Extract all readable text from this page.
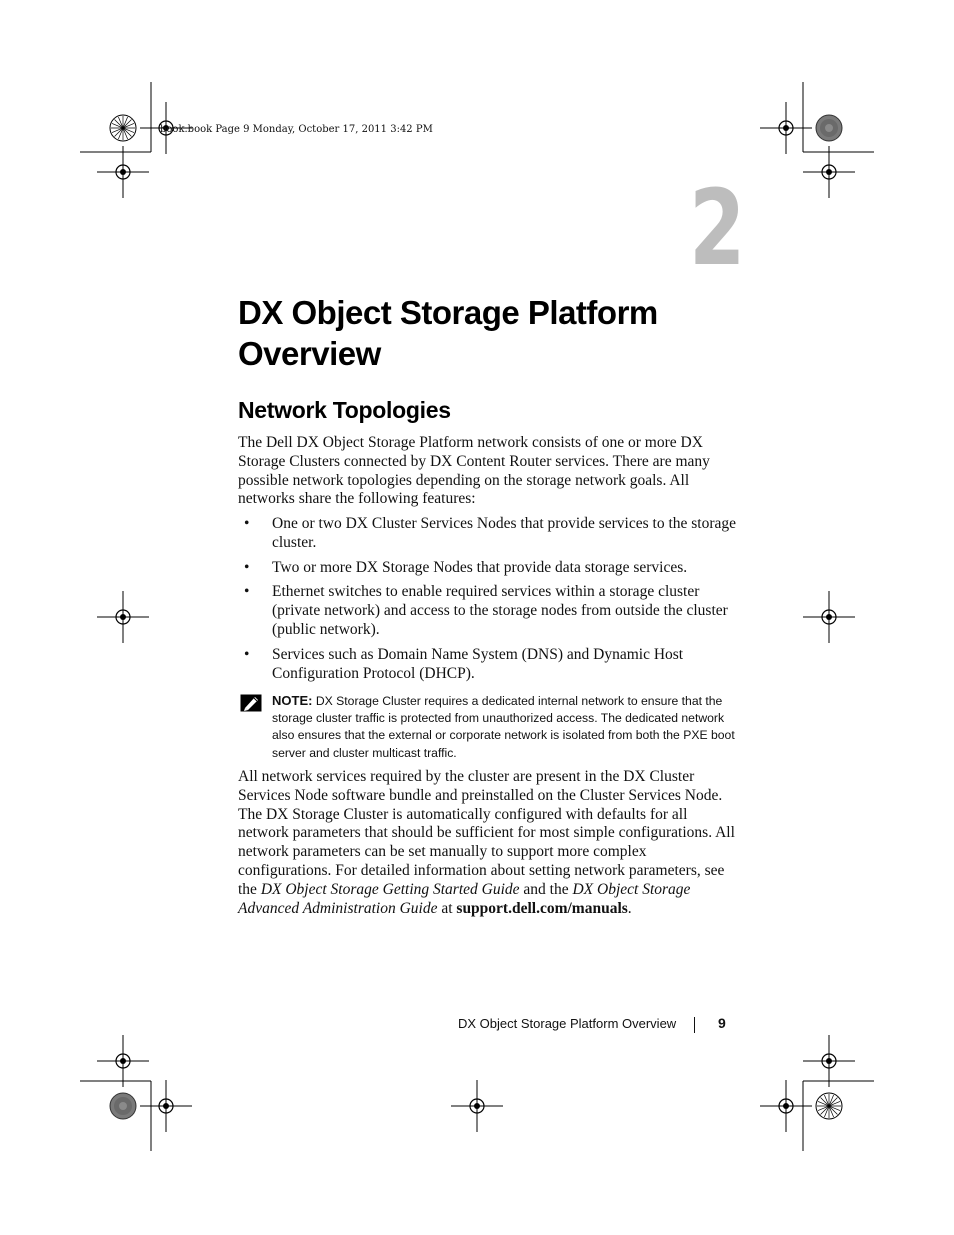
book.book Page 9 Monday, October 17, 2011 3:42 PM
2
DX Object Storage Platform
Overview
Network Topologies

The Dell DX Object Storage Platform network consists of one or more DX Storage Clusters connected by DX Content Router services. There are many possible network topologies depending on the storage network goals. All networks share the following features:

• One or two DX Cluster Services Nodes that provide services to the storage cluster.
• Two or more DX Storage Nodes that provide data storage services.
• Ethernet switches to enable required services within a storage cluster (private network) and access to the storage nodes from outside the cluster (public network).
• Services such as Domain Name System (DNS) and Dynamic Host Configuration Protocol (DHCP).
NOTE: DX Storage Cluster requires a dedicated internal network to ensure that the storage cluster traffic is protected from unauthorized access. The dedicated network also ensures that the external or corporate network is isolated from both the PXE boot server and cluster multicast traffic.

All network services required by the cluster are present in the DX Cluster Services Node software bundle and preinstalled on the Cluster Services Node. The DX Storage Cluster is automatically configured with defaults for all network parameters that should be sufficient for most simple configurations. All network parameters can be set manually to support more complex configurations. For detailed information about setting network parameters, see the DX Object Storage Getting Started Guide and the DX Object Storage Advanced Administration Guide at support.dell.com/manuals.

DX Object Storage Platform Overview	9
